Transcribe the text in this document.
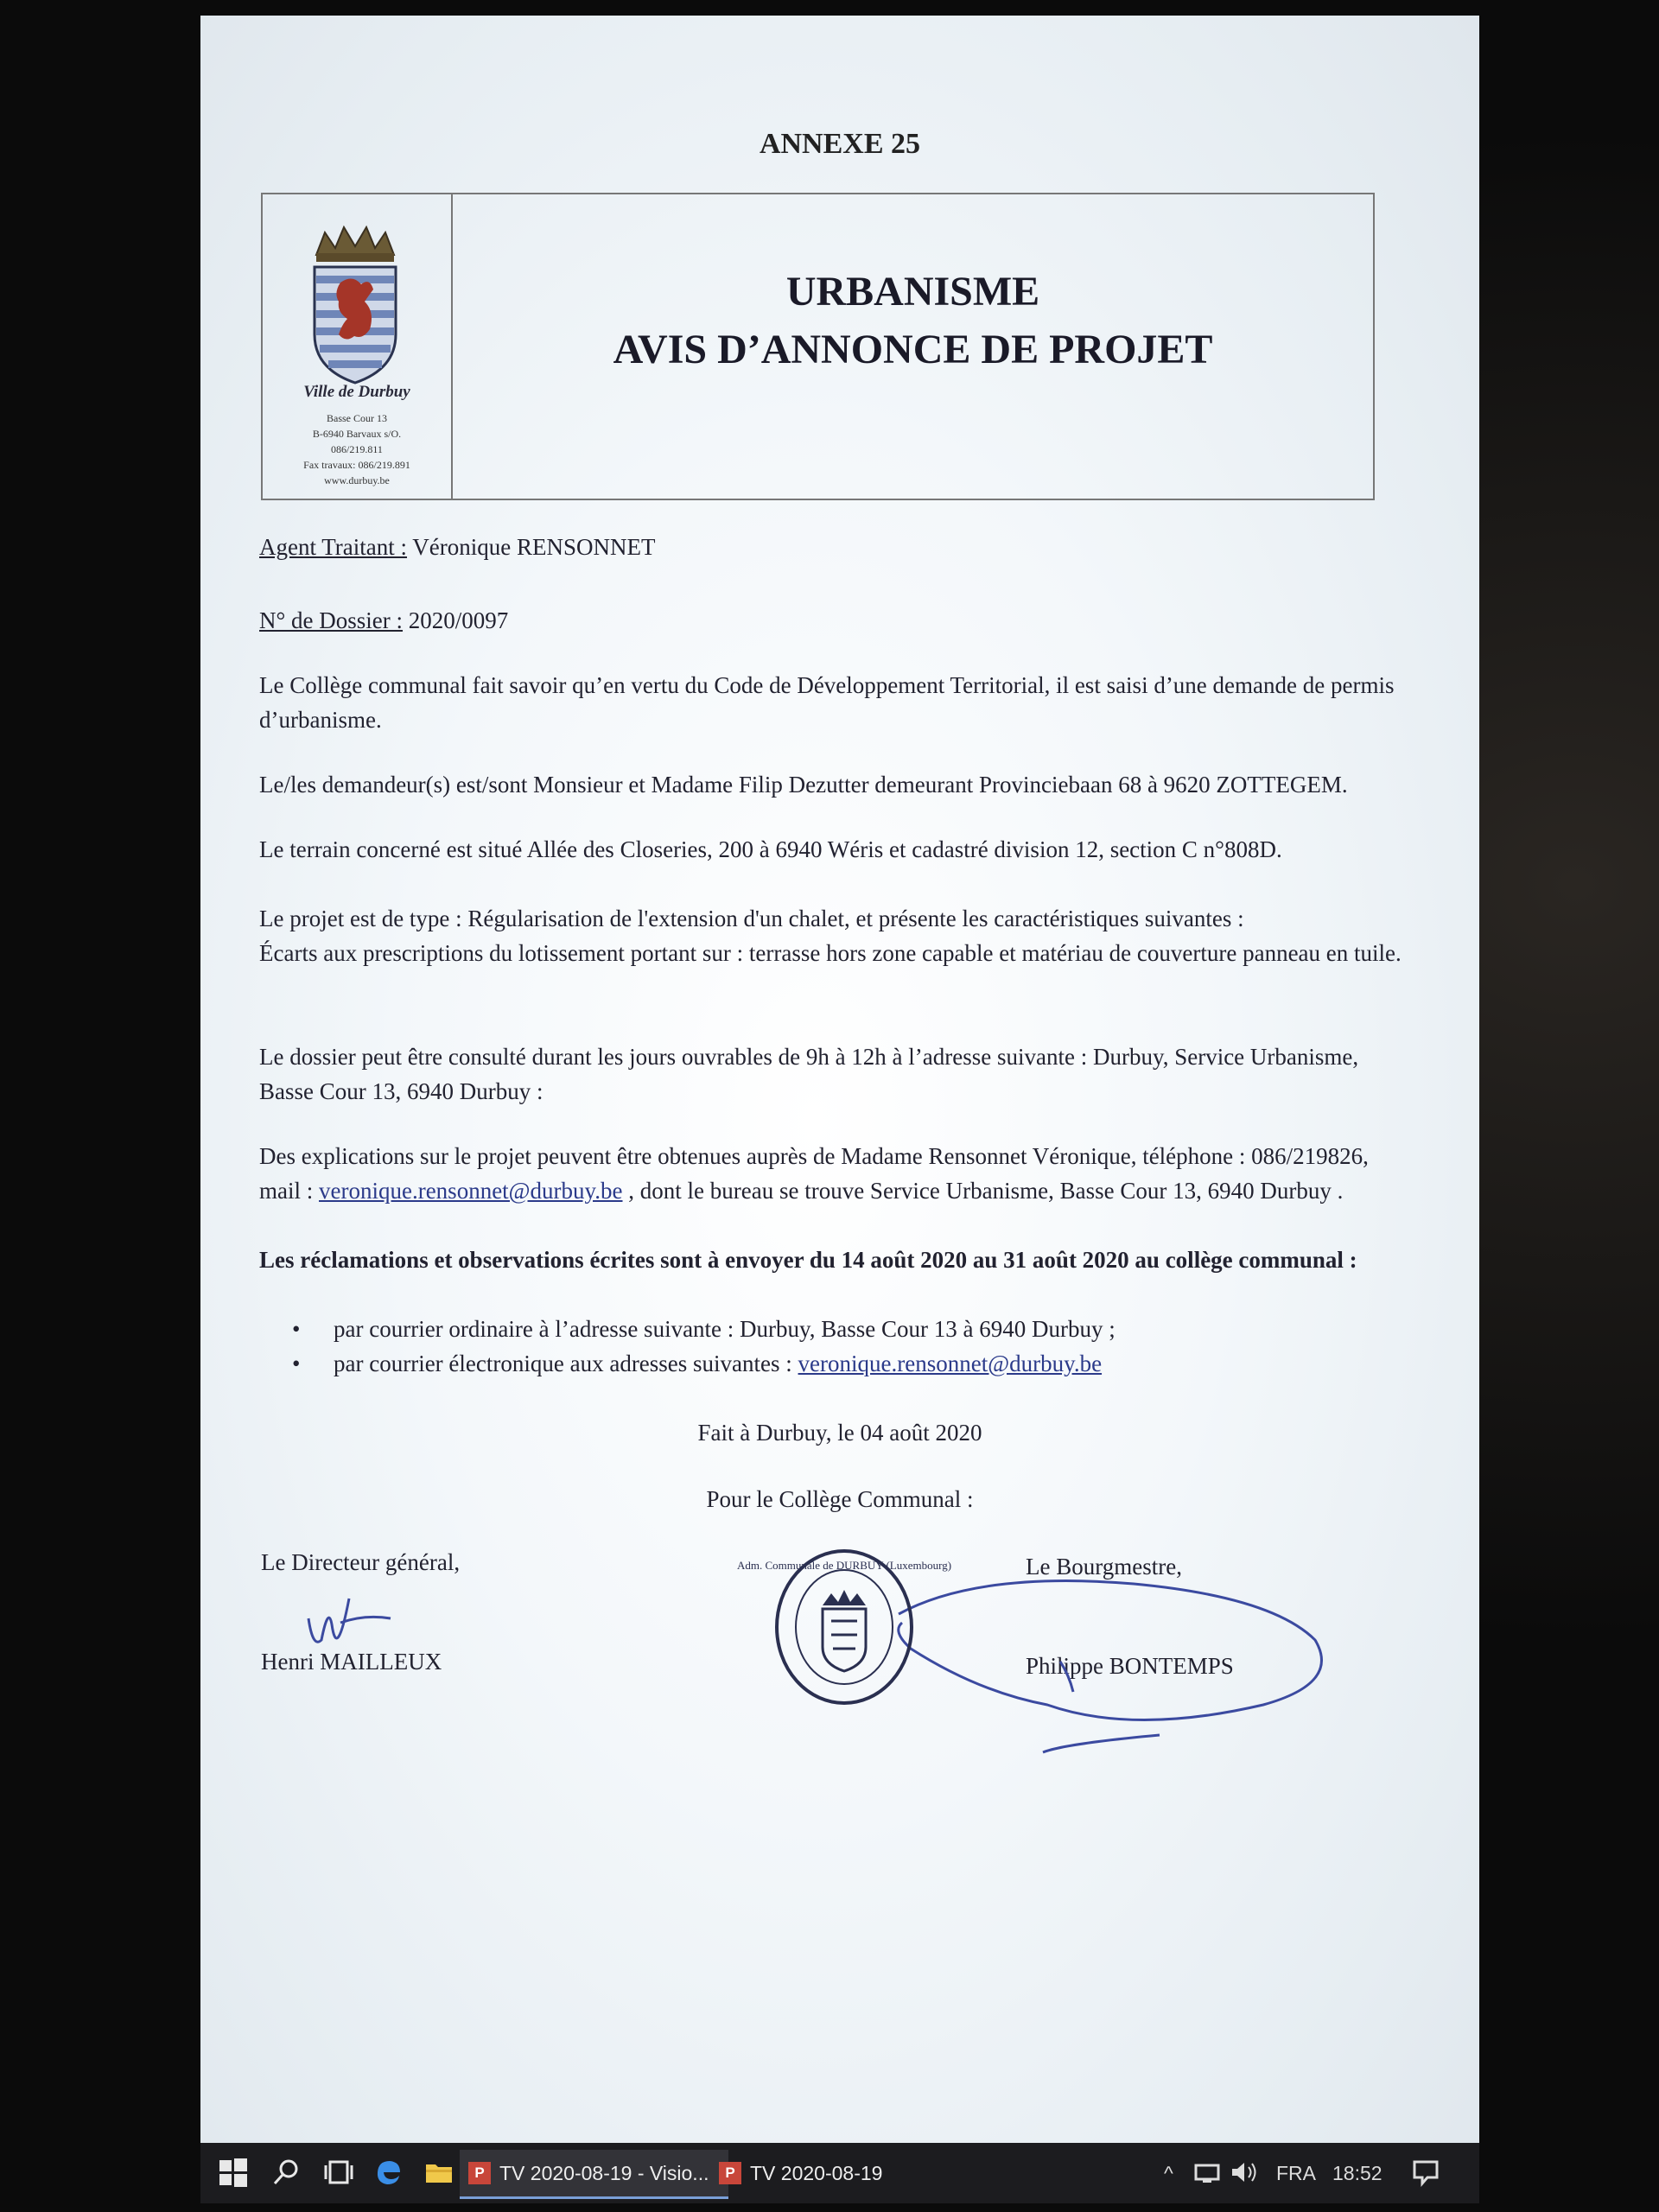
ANNEXE 25
Ville de Durbuy
Basse Cour 13
B-6940 Barvaux s/O.
086/219.811
Fax travaux: 086/219.891
www.durbuy.be
URBANISME
AVIS D’ANNONCE DE PROJET
Agent Traitant : Véronique RENSONNET
N° de Dossier : 2020/0097
Le Collège communal fait savoir qu’en vertu du Code de Développement Territorial, il est saisi d’une demande de permis d’urbanisme.
Le/les demandeur(s) est/sont Monsieur et Madame Filip Dezutter demeurant Provinciebaan 68 à 9620 ZOTTEGEM.
Le terrain concerné est situé Allée des Closeries, 200 à 6940 Wéris et cadastré division 12, section C n°808D.
Le projet est de type : Régularisation de l'extension d'un chalet, et présente les caractéristiques suivantes :
Écarts aux prescriptions du lotissement portant sur : terrasse hors zone capable et matériau de couverture panneau en tuile.
Le dossier peut être consulté durant les jours ouvrables de 9h à 12h à l’adresse suivante : Durbuy, Service Urbanisme, Basse Cour 13, 6940 Durbuy :
Des explications sur le projet peuvent être obtenues auprès de Madame Rensonnet Véronique, téléphone : 086/219826,
mail : veronique.rensonnet@durbuy.be , dont le bureau se trouve Service Urbanisme, Basse Cour 13, 6940 Durbuy .
Les réclamations et observations écrites sont à envoyer du 14 août 2020 au 31 août 2020 au collège communal :
• par courrier ordinaire à l’adresse suivante : Durbuy, Basse Cour 13 à 6940 Durbuy ;
• par courrier électronique aux adresses suivantes : veronique.rensonnet@durbuy.be
Fait à Durbuy, le 04 août 2020
Pour le Collège Communal :
Le Directeur général,
Henri MAILLEUX
Le Bourgmestre,
Philippe BONTEMPS
Adm. Communale de DURBUY (Luxembourg)
P TV 2020-08-19 - Visio...	P TV 2020-08-19	^	FRA 18:52
